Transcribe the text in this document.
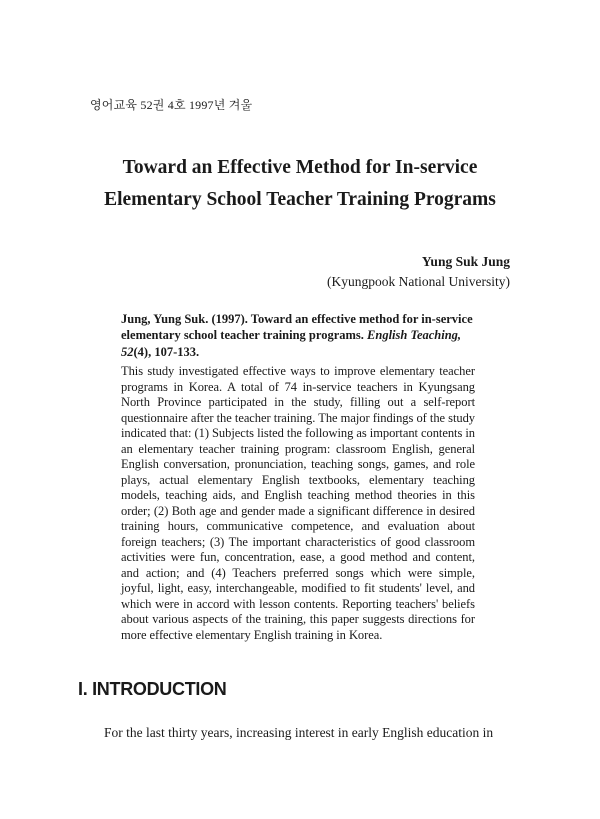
영어교육 52권 4호 1997년 겨울
Toward an Effective Method for In-service
Elementary School Teacher Training Programs
Yung Suk Jung
(Kyungpook National University)
Jung, Yung Suk. (1997). Toward an effective method for in-service elementary school teacher training programs. English Teaching, 52(4), 107-133.
This study investigated effective ways to improve elementary teacher programs in Korea. A total of 74 in-service teachers in Kyungsang North Province participated in the study, filling out a self-report questionnaire after the teacher training. The major findings of the study indicated that: (1) Subjects listed the following as important contents in an elementary teacher training program: classroom English, general English conversation, pronunciation, teaching songs, games, and role plays, actual elementary English textbooks, elementary teaching models, teaching aids, and English teaching method theories in this order; (2) Both age and gender made a significant difference in desired training hours, communicative competence, and evaluation about foreign teachers; (3) The important characteristics of good classroom activities were fun, concentration, ease, a good method and content, and action; and (4) Teachers preferred songs which were simple, joyful, light, easy, interchangeable, modified to fit students' level, and which were in accord with lesson contents. Reporting teachers' beliefs about various aspects of the training, this paper suggests directions for more effective elementary English training in Korea.
I. INTRODUCTION
For the last thirty years, increasing interest in early English education in
